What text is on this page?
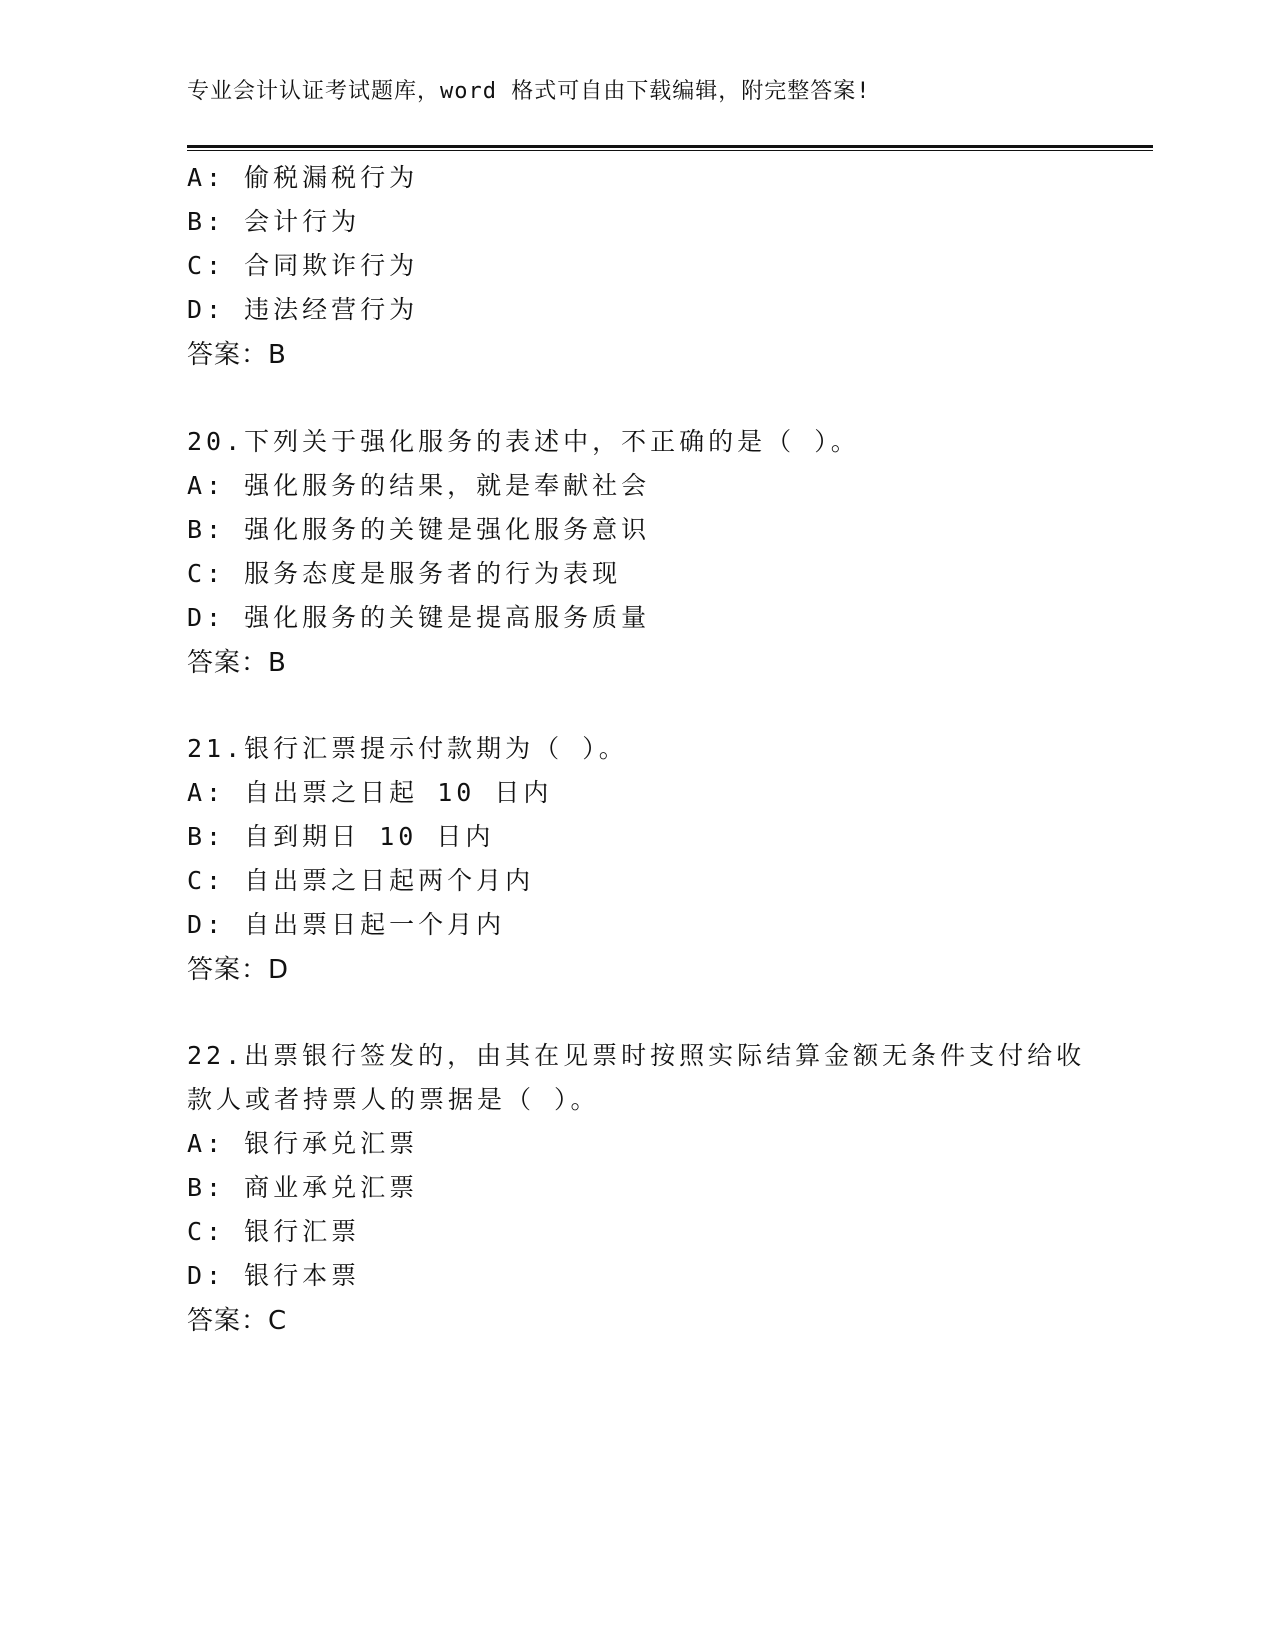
专业会计认证考试题库，word 格式可自由下载编辑，附完整答案!
A: 偷税漏税行为
B: 会计行为
C: 合同欺诈行为
D: 违法经营行为
答案：B
20.下列关于强化服务的表述中，不正确的是（ ）。
A: 强化服务的结果，就是奉献社会
B: 强化服务的关键是强化服务意识
C: 服务态度是服务者的行为表现
D: 强化服务的关键是提高服务质量
答案：B
21.银行汇票提示付款期为（ ）。
A: 自出票之日起 10 日内
B: 自到期日 10 日内
C: 自出票之日起两个月内
D: 自出票日起一个月内
答案：D
22.出票银行签发的，由其在见票时按照实际结算金额无条件支付给收
款人或者持票人的票据是（ ）。
A: 银行承兑汇票
B: 商业承兑汇票
C: 银行汇票
D: 银行本票
答案：C
